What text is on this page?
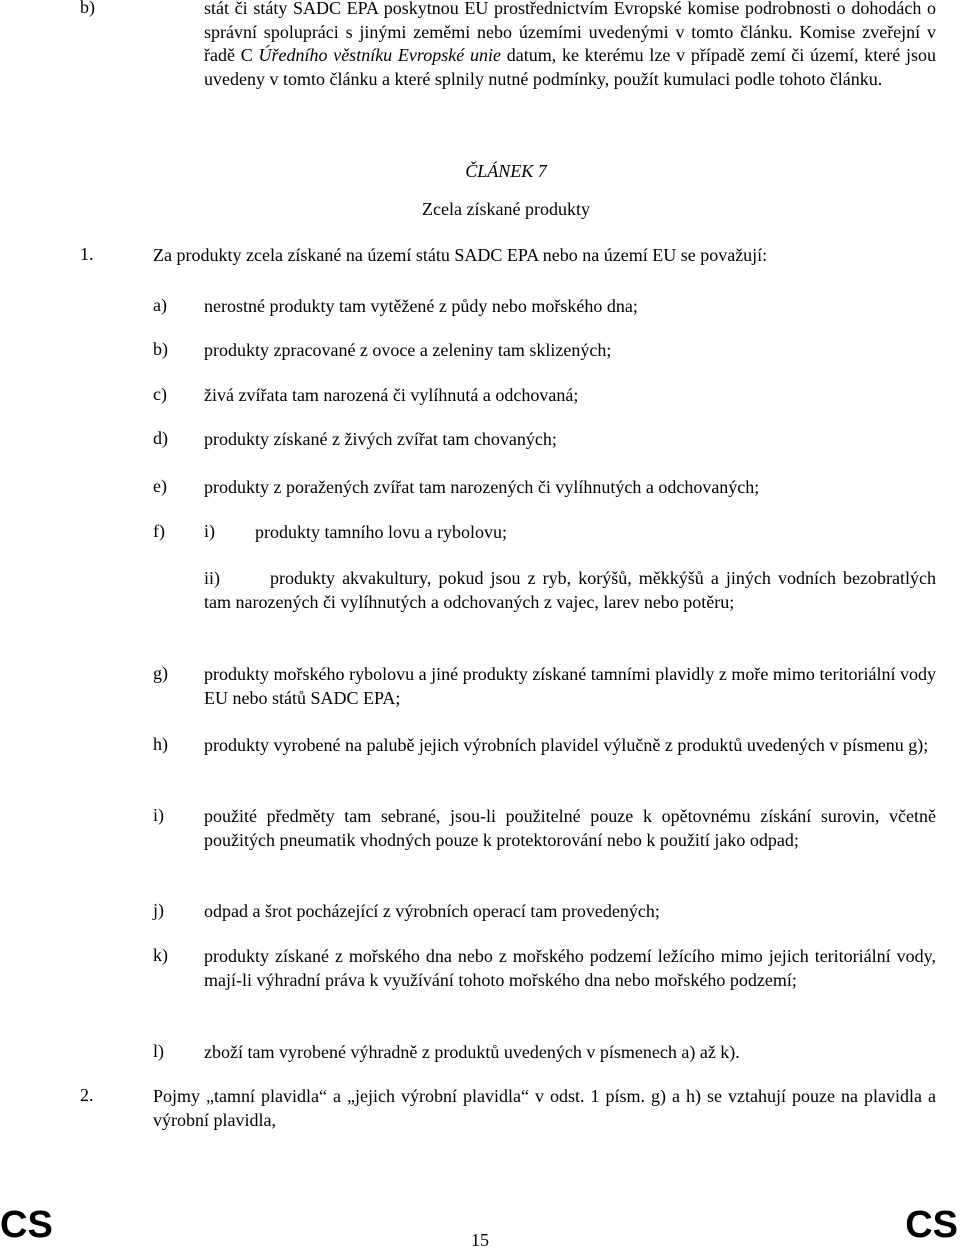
b)	stát či státy SADC EPA poskytnou EU prostřednictvím Evropské komise podrobnosti o dohodách o správní spolupráci s jinými zeměmi nebo územími uvedenými v tomto článku. Komise zveřejní v řadě C Úředního věstníku Evropské unie datum, ke kterému lze v případě zemí či území, které jsou uvedeny v tomto článku a které splnily nutné podmínky, použít kumulaci podle tohoto článku.
ČLÁNEK 7
Zcela získané produkty
1.	Za produkty zcela získané na území státu SADC EPA nebo na území EU se považují:
a)	nerostné produkty tam vytěžené z půdy nebo mořského dna;
b)	produkty zpracované z ovoce a zeleniny tam sklizených;
c)	živá zvířata tam narozená či vylíhnutá a odchovaná;
d)	produkty získané z živých zvířat tam chovaných;
e)	produkty z poražených zvířat tam narozených či vylíhnutých a odchovaných;
f)	i)	produkty tamního lovu a rybolovu;
ii)	produkty akvakultury, pokud jsou z ryb, korýšů, měkkýšů a jiných vodních bezobratlých tam narozených či vylíhnutých a odchovaných z vajec, larev nebo potěru;
g)	produkty mořského rybolovu a jiné produkty získané tamními plavidly z moře mimo teritoriální vody EU nebo států SADC EPA;
h)	produkty vyrobené na palubě jejich výrobních plavidel výlučně z produktů uvedených v písmenu g);
i)	použité předměty tam sebrané, jsou-li použitelné pouze k opětovnému získání surovin, včetně použitých pneumatik vhodných pouze k protektorování nebo k použití jako odpad;
j)	odpad a šrot pocházející z výrobních operací tam provedených;
k)	produkty získané z mořského dna nebo z mořského podzemí ležícího mimo jejich teritoriální vody, mají-li výhradní práva k využívání tohoto mořského dna nebo mořského podzemí;
l)	zboží tam vyrobené výhradně z produktů uvedených v písmenech a) až k).
2.	Pojmy „tamní plavidla“ a „jejich výrobní plavidla“ v odst. 1 písm. g) a h) se vztahují pouze na plavidla a výrobní plavidla,
CS	15	CS
